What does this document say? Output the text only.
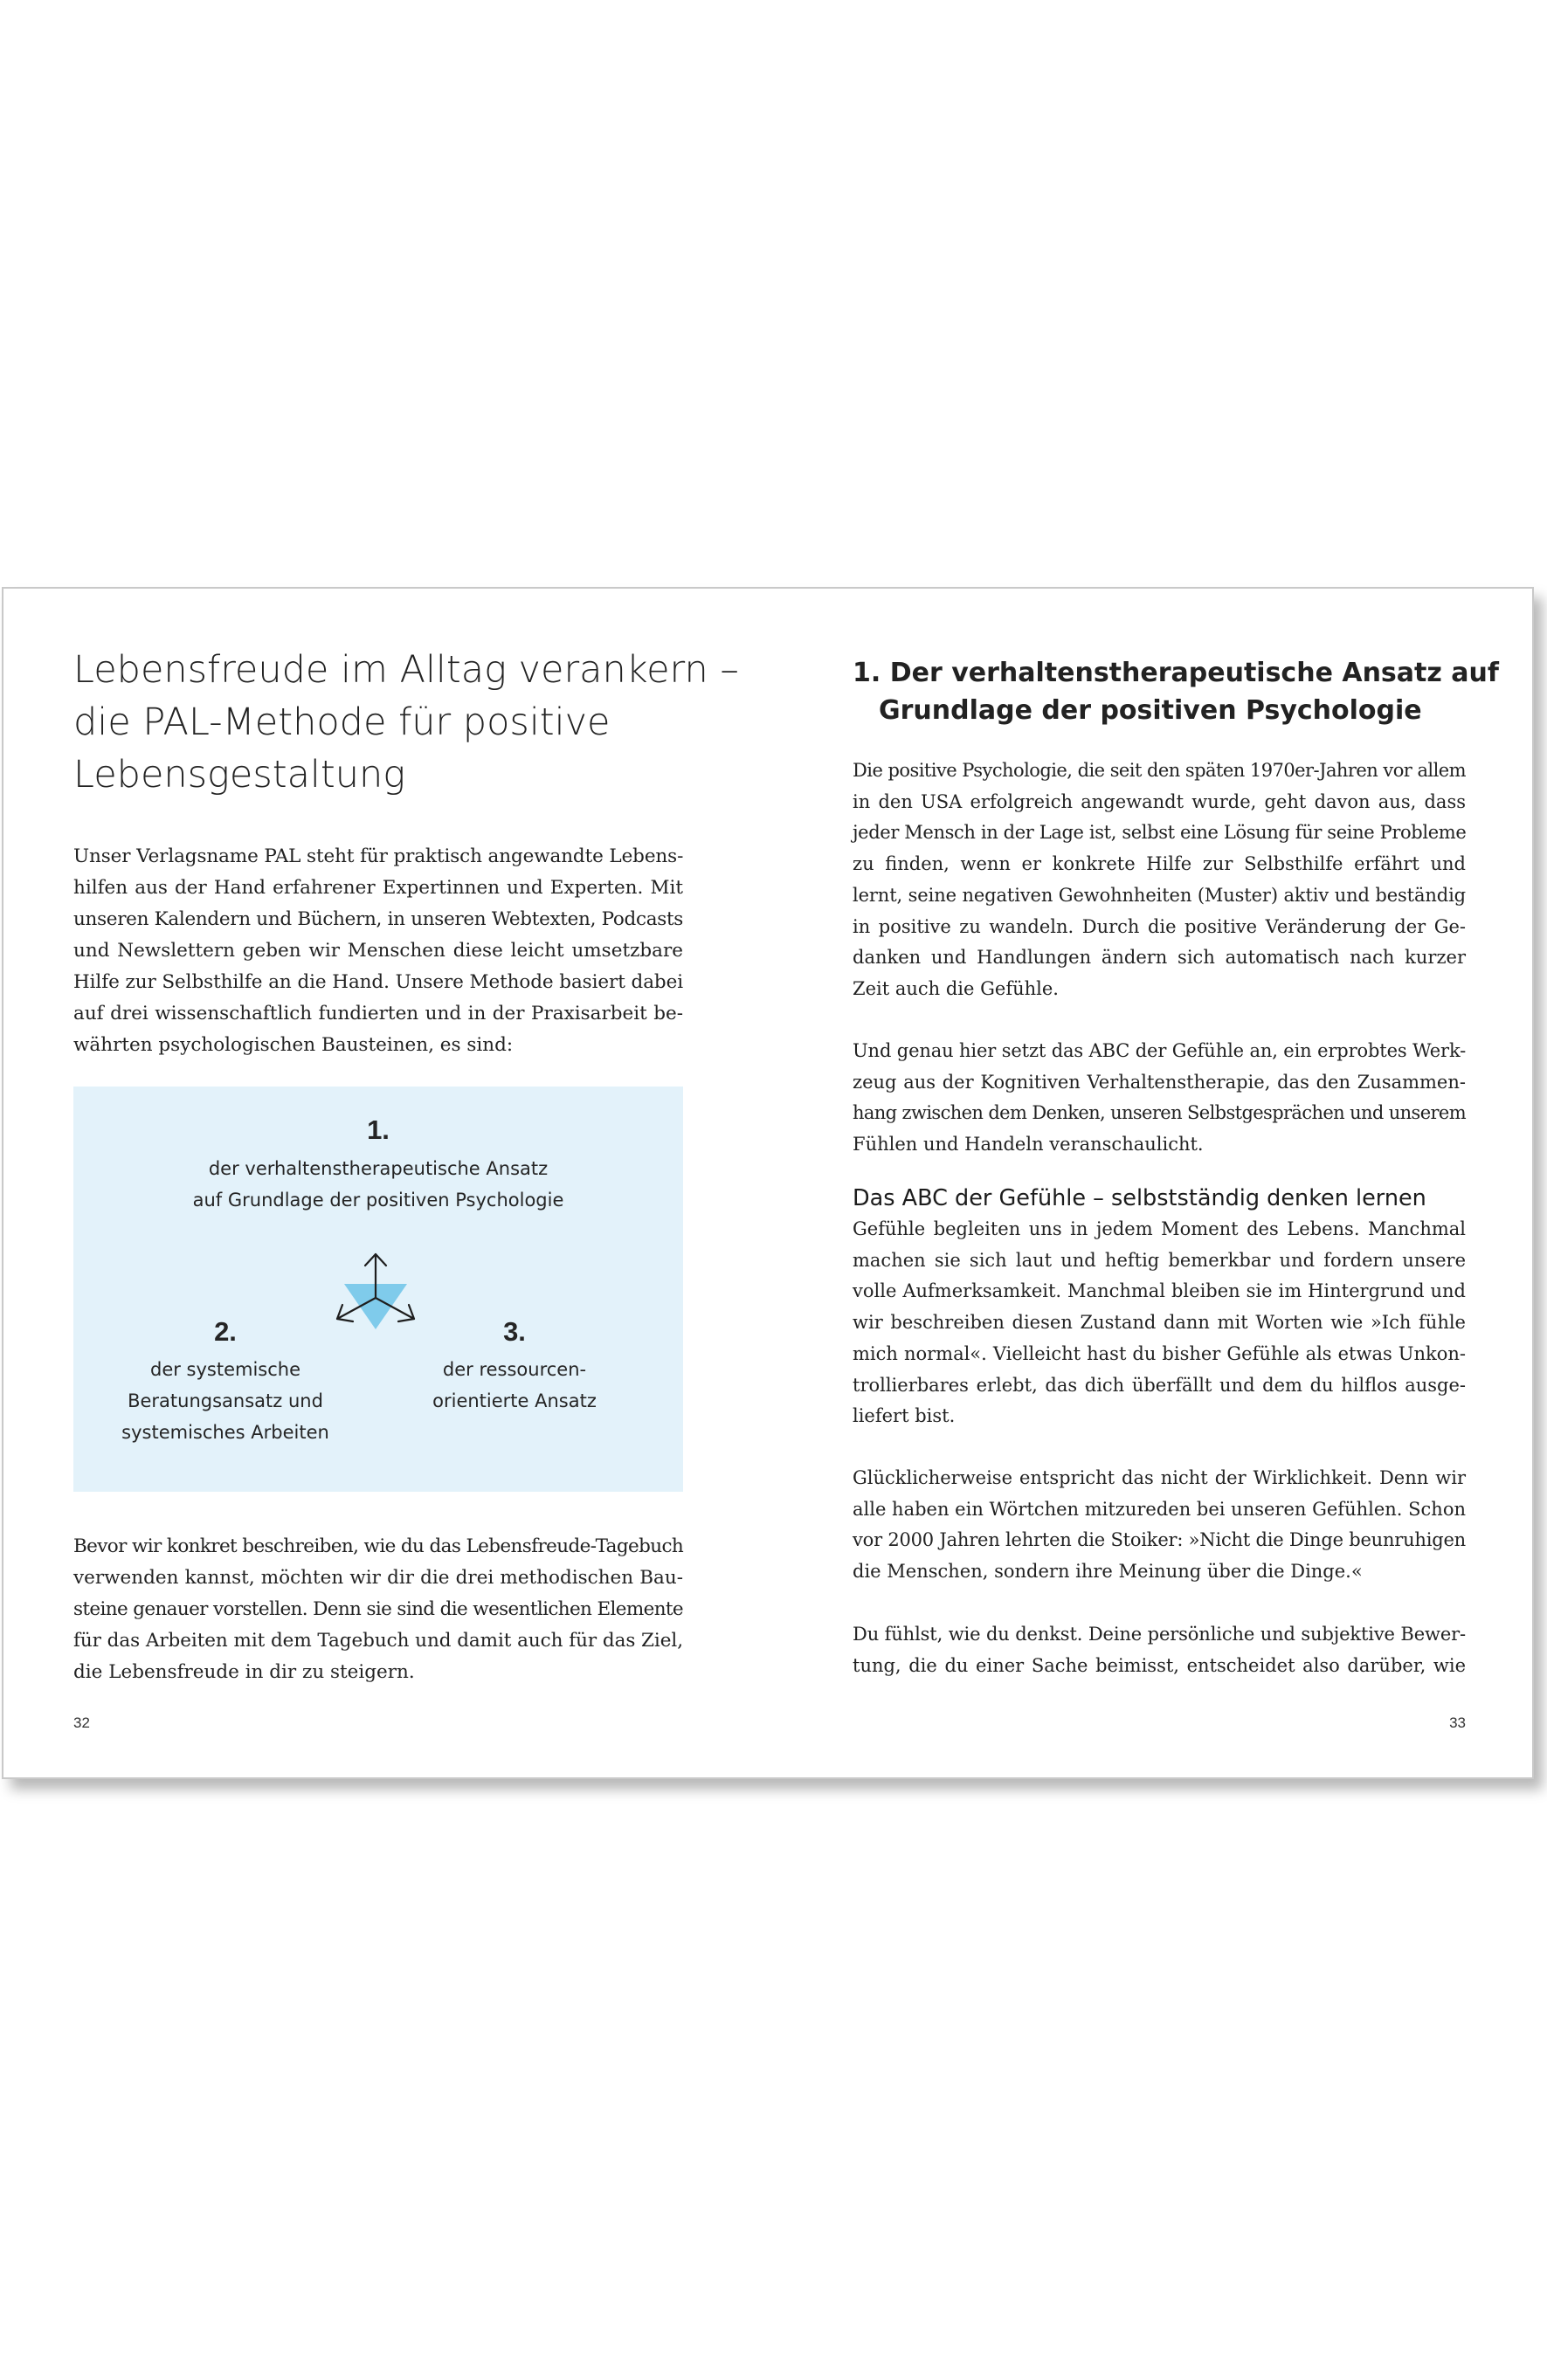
Lebensfreude im Alltag verankern –
die PAL-Methode für positive
Lebensgestaltung
Unser Verlagsname PAL steht für praktisch angewandte Lebens-
hilfen aus der Hand erfahrener Expertinnen und Experten. Mit
unseren Kalendern und Büchern, in unseren Webtexten, Podcasts
und Newslettern geben wir Menschen diese leicht umsetzbare
Hilfe zur Selbsthilfe an die Hand. Unsere Methode basiert dabei
auf drei wissenschaftlich fundierten und in der Praxisarbeit be-
währten psychologischen Bausteinen, es sind:
1.
der verhaltenstherapeutische Ansatz
auf Grundlage der positiven Psychologie
2.
der systemische
Beratungsansatz und
systemisches Arbeiten
3.
der ressourcen-
orientierte Ansatz
Bevor wir konkret beschreiben, wie du das Lebensfreude-Tagebuch
verwenden kannst, möchten wir dir die drei methodischen Bau-
steine genauer vorstellen. Denn sie sind die wesentlichen Elemente
für das Arbeiten mit dem Tagebuch und damit auch für das Ziel,
die Lebensfreude in dir zu steigern.
32
1. Der verhaltenstherapeutische Ansatz auf
Grundlage der positiven Psychologie
Die positive Psychologie, die seit den späten 1970er-Jahren vor allem
in den USA erfolgreich angewandt wurde, geht davon aus, dass
jeder Mensch in der Lage ist, selbst eine Lösung für seine Probleme
zu finden, wenn er konkrete Hilfe zur Selbsthilfe erfährt und
lernt, seine negativen Gewohnheiten (Muster) aktiv und beständig
in positive zu wandeln. Durch die positive Veränderung der Ge-
danken und Handlungen ändern sich automatisch nach kurzer
Zeit auch die Gefühle.
Und genau hier setzt das ABC der Gefühle an, ein erprobtes Werk-
zeug aus der Kognitiven Verhaltenstherapie, das den Zusammen-
hang zwischen dem Denken, unseren Selbstgesprächen und unserem
Fühlen und Handeln veranschaulicht.
Das ABC der Gefühle – selbstständig denken lernen
Gefühle begleiten uns in jedem Moment des Lebens. Manchmal
machen sie sich laut und heftig bemerkbar und fordern unsere
volle Aufmerksamkeit. Manchmal bleiben sie im Hintergrund und
wir beschreiben diesen Zustand dann mit Worten wie »Ich fühle
mich normal«. Vielleicht hast du bisher Gefühle als etwas Unkon-
trollierbares erlebt, das dich überfällt und dem du hilflos ausge-
liefert bist.
Glücklicherweise entspricht das nicht der Wirklichkeit. Denn wir
alle haben ein Wörtchen mitzureden bei unseren Gefühlen. Schon
vor 2000 Jahren lehrten die Stoiker: »Nicht die Dinge beunruhigen
die Menschen, sondern ihre Meinung über die Dinge.«
Du fühlst, wie du denkst. Deine persönliche und subjektive Bewer-
tung, die du einer Sache beimisst, entscheidet also darüber, wie
33
